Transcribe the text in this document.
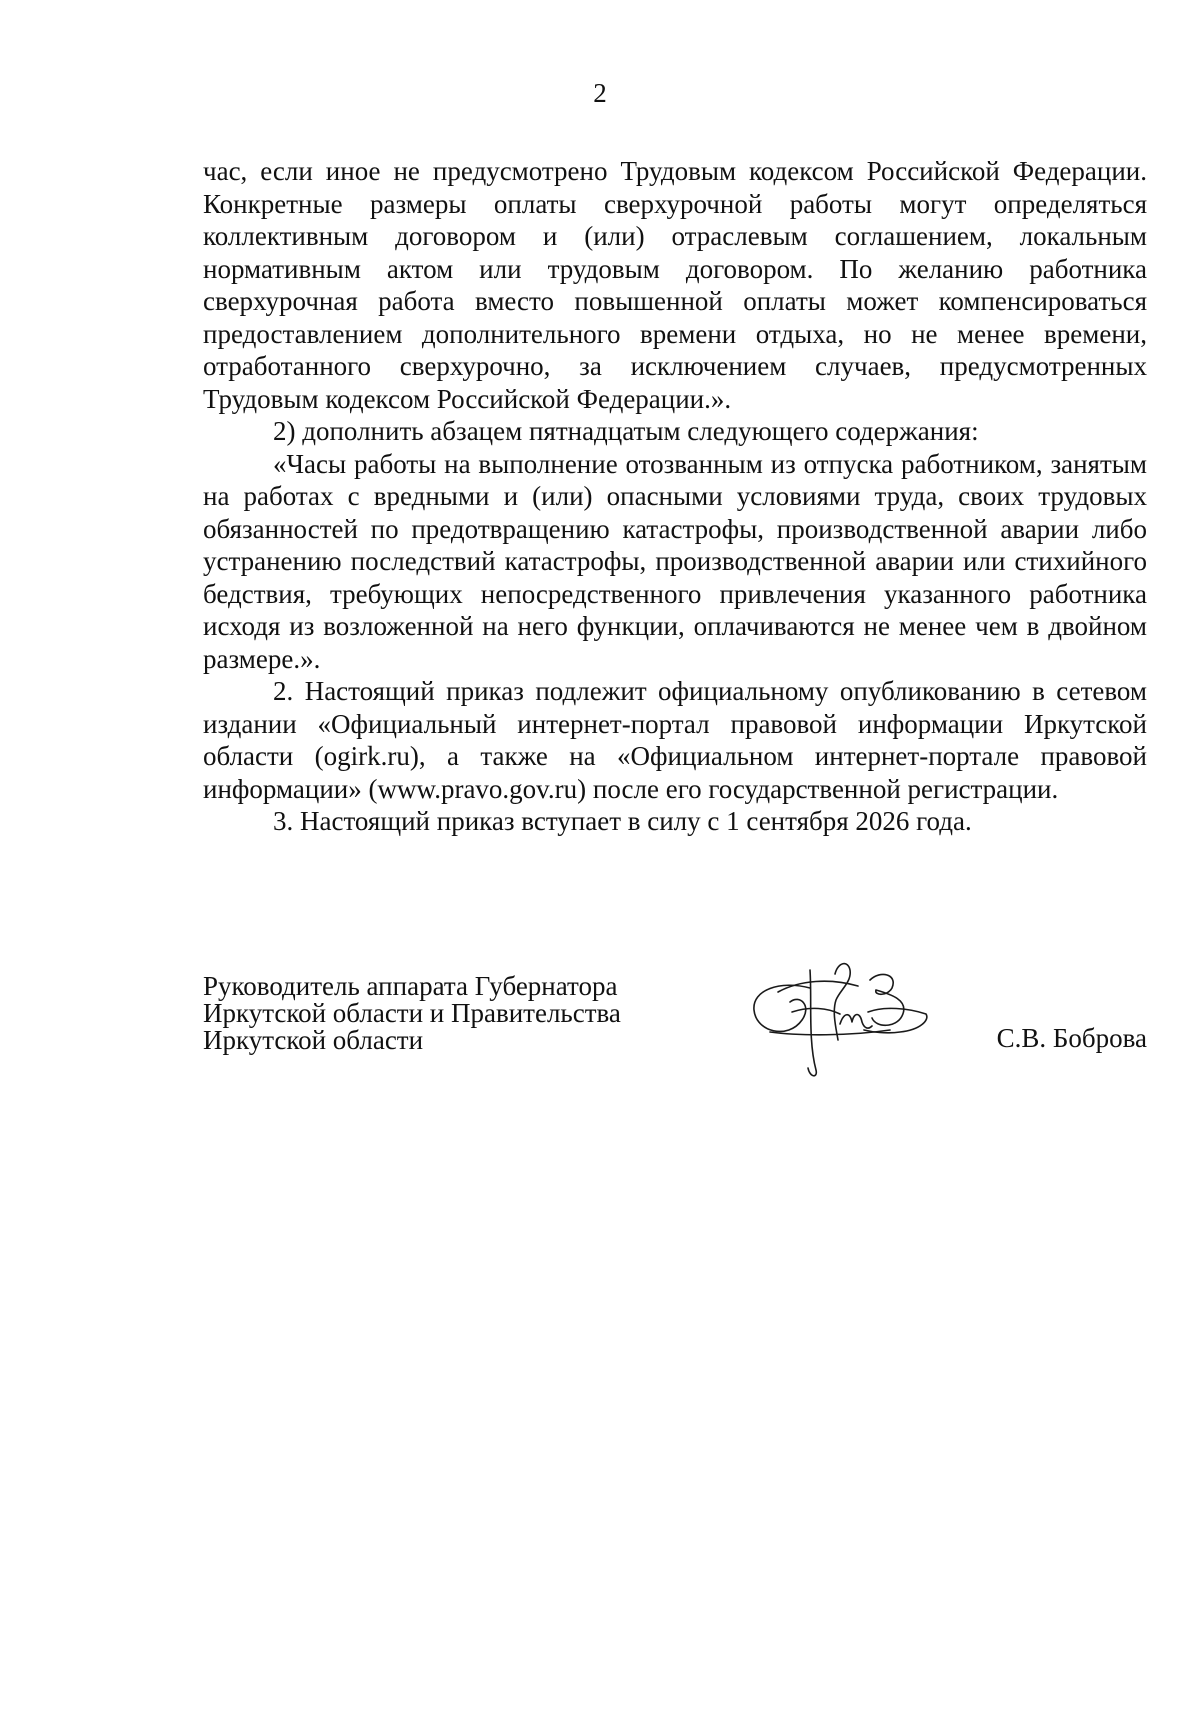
2

час, если иное не предусмотрено Трудовым кодексом Российской Федерации. Конкретные размеры оплаты сверхурочной работы могут определяться коллективным договором и (или) отраслевым соглашением, локальным нормативным актом или трудовым договором. По желанию работника сверхурочная работа вместо повышенной оплаты может компенсироваться предоставлением дополнительного времени отдыха, но не менее времени, отработанного сверхурочно, за исключением случаев, предусмотренных Трудовым кодексом Российской Федерации.».

2) дополнить абзацем пятнадцатым следующего содержания:

«Часы работы на выполнение отозванным из отпуска работником, занятым на работах с вредными и (или) опасными условиями труда, своих трудовых обязанностей по предотвращению катастрофы, производственной аварии либо устранению последствий катастрофы, производственной аварии или стихийного бедствия, требующих непосредственного привлечения указанного работника исходя из возложенной на него функции, оплачиваются не менее чем в двойном размере.».

2. Настоящий приказ подлежит официальному опубликованию в сетевом издании «Официальный интернет-портал правовой информации Иркутской области (ogirk.ru), а также на «Официальном интернет-портале правовой информации» (www.pravo.gov.ru) после его государственной регистрации.

3. Настоящий приказ вступает в силу с 1 сентября 2026 года.

Руководитель аппарата Губернатора
Иркутской области и Правительства
Иркутской области	С.В. Боброва
